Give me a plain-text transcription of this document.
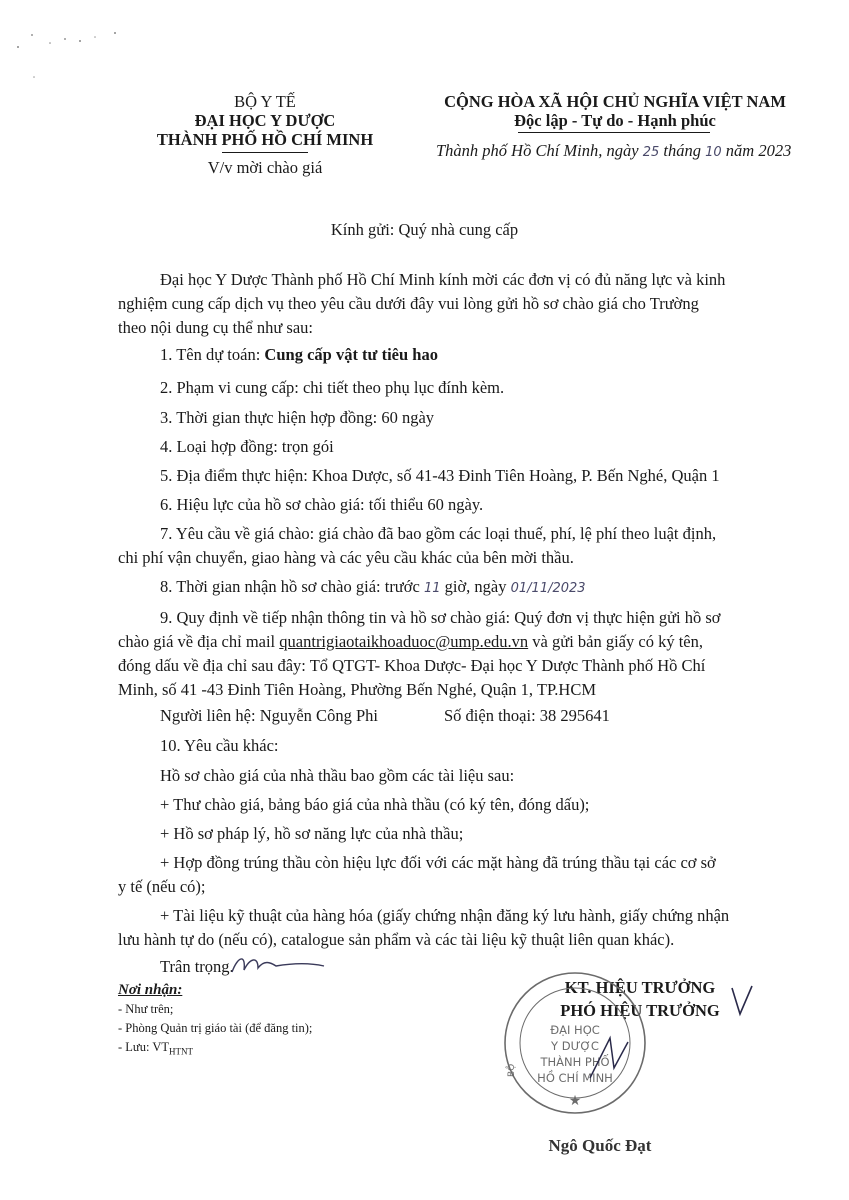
BỘ Y TẾ
ĐẠI HỌC Y DƯỢC
THÀNH PHỐ HỒ CHÍ MINH
V/v mời chào giá
CỘNG HÒA XÃ HỘI CHỦ NGHĨA VIỆT NAM
Độc lập - Tự do - Hạnh phúc
Thành phố Hồ Chí Minh, ngày 25 tháng 10 năm 2023
Kính gửi: Quý nhà cung cấp
Đại học Y Dược Thành phố Hồ Chí Minh kính mời các đơn vị có đủ năng lực và kinh
nghiệm cung cấp dịch vụ theo yêu cầu dưới đây vui lòng gửi hồ sơ chào giá cho Trường
theo nội dung cụ thể như sau:
1. Tên dự toán: Cung cấp vật tư tiêu hao
2. Phạm vi cung cấp: chi tiết theo phụ lục đính kèm.
3. Thời gian thực hiện hợp đồng: 60 ngày
4. Loại hợp đồng: trọn gói
5. Địa điểm thực hiện: Khoa Dược, số 41-43 Đinh Tiên Hoàng, P. Bến Nghé, Quận 1
6. Hiệu lực của hồ sơ chào giá: tối thiểu 60 ngày.
7. Yêu cầu về giá chào: giá chào đã bao gồm các loại thuế, phí, lệ phí theo luật định,
chi phí vận chuyển, giao hàng và các yêu cầu khác của bên mời thầu.
8. Thời gian nhận hồ sơ chào giá: trước 11 giờ, ngày 01/11/2023
9. Quy định về tiếp nhận thông tin và hồ sơ chào giá: Quý đơn vị thực hiện gửi hồ sơ
chào giá về địa chỉ mail quantrigiaotaikhoaduoc@ump.edu.vn và gửi bản giấy có ký tên,
đóng dấu về địa chỉ sau đây: Tổ QTGT- Khoa Dược- Đại học Y Dược Thành phố Hồ Chí
Minh, số 41 -43 Đinh Tiên Hoàng, Phường Bến Nghé, Quận 1, TP.HCM
Người liên hệ: Nguyễn Công Phi	Số điện thoại: 38 295641
10. Yêu cầu khác:
Hồ sơ chào giá của nhà thầu bao gồm các tài liệu sau:
+ Thư chào giá, bảng báo giá của nhà thầu (có ký tên, đóng dấu);
+ Hồ sơ pháp lý, hồ sơ năng lực của nhà thầu;
+ Hợp đồng trúng thầu còn hiệu lực đối với các mặt hàng đã trúng thầu tại các cơ sở
y tế (nếu có);
+ Tài liệu kỹ thuật của hàng hóa (giấy chứng nhận đăng ký lưu hành, giấy chứng nhận
lưu hành tự do (nếu có), catalogue sản phẩm và các tài liệu kỹ thuật liên quan khác).
Trân trọng.
Nơi nhận:
- Như trên;
- Phòng Quản trị giáo tài (để đăng tin);
- Lưu: $VT_{HTNT}$
KT. HIỆU TRƯỞNG
PHÓ HIỆU TRƯỞNG
★
BỘ
ĐẠI HỌC
Y DƯỢC
THÀNH PHỐ
HỒ CHÍ MINH
Ngô Quốc Đạt
